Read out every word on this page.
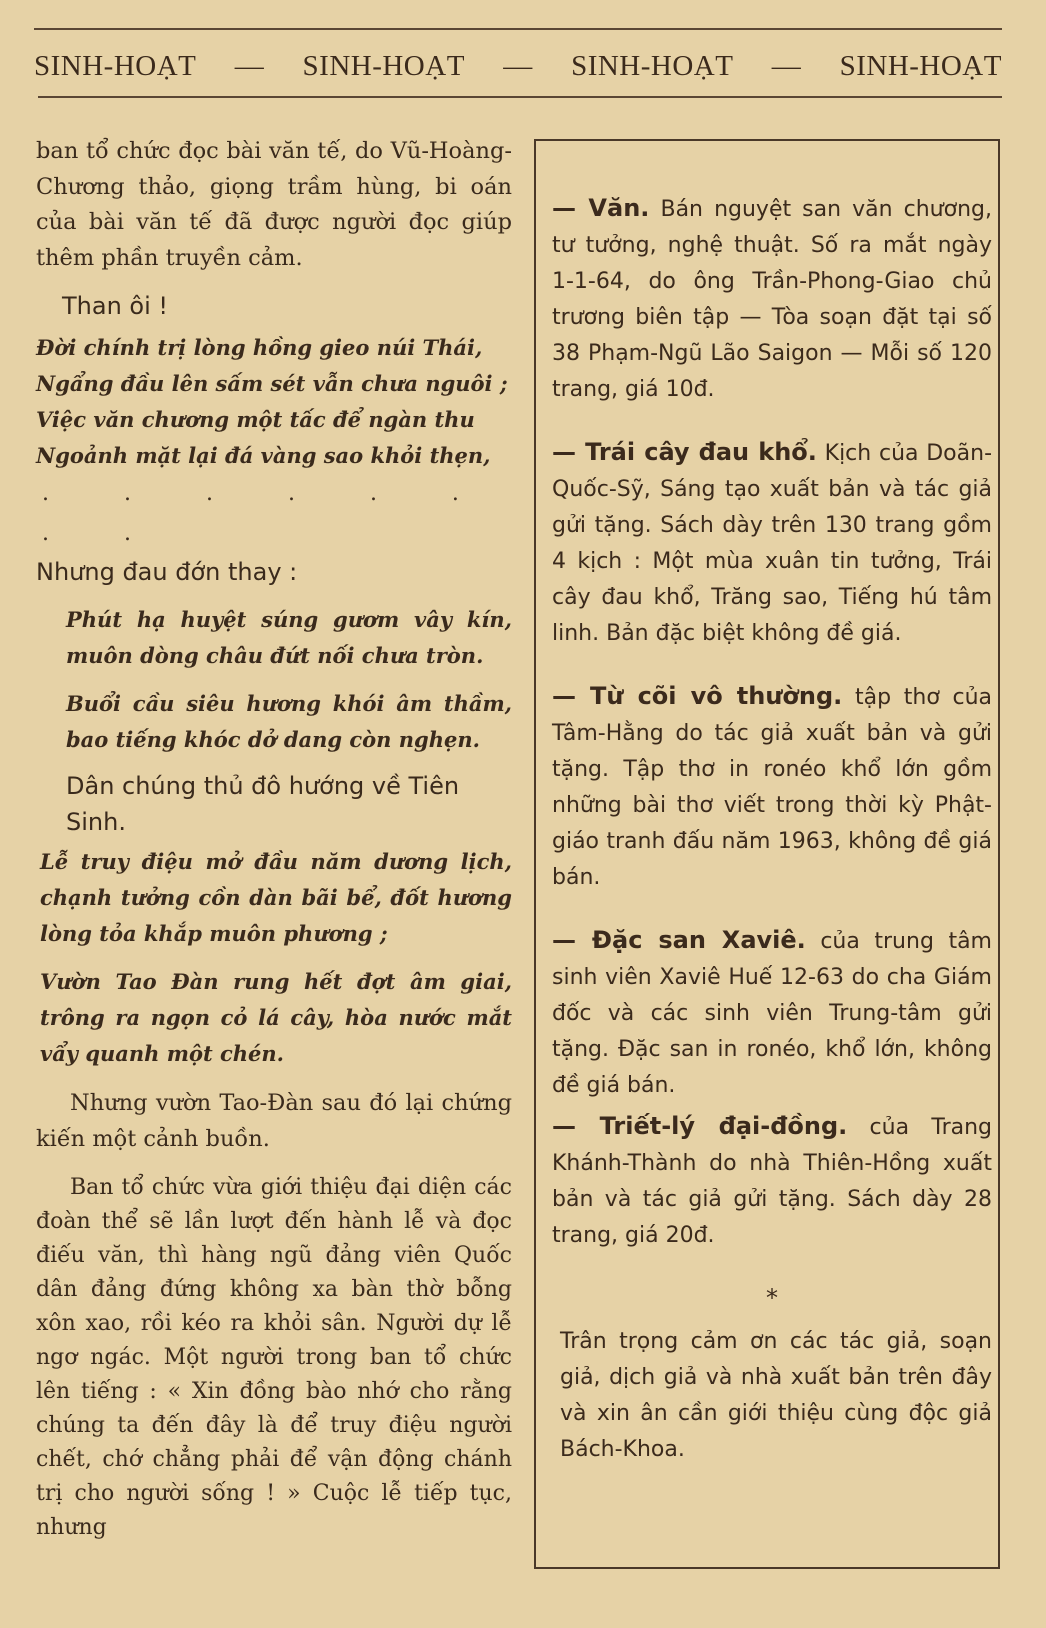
SINH-HOẠT — SINH-HOẠT — SINH-HOẠT — SINH-HOẠT

ban tổ chức đọc bài văn tế, do Vũ-Hoàng-Chương thảo, giọng trầm hùng, bi oán của bài văn tế đã được người đọc giúp thêm phần truyền cảm.

Than ôi !

Đời chính trị lòng hồng gieo núi Thái,

Ngẩng đầu lên sấm sét vẫn chưa nguôi ;

Việc văn chương một tấc để ngàn thu

Ngoảnh mặt lại đá vàng sao khỏi thẹn,

. . . . . . . .

Nhưng đau đớn thay :

Phút hạ huyệt súng gươm vây kín, muôn dòng châu đứt nối chưa tròn.

Buổi cầu siêu hương khói âm thầm, bao tiếng khóc dở dang còn nghẹn.

Dân chúng thủ đô hướng về Tiên Sinh.

Lễ truy điệu mở đầu năm dương lịch, chạnh tưởng cồn dàn bãi bể, đốt hương lòng tỏa khắp muôn phương ;

Vườn Tao Đàn rung hết đợt âm giai, trông ra ngọn cỏ lá cây, hòa nước mắt vẩy quanh một chén.

Nhưng vườn Tao-Đàn sau đó lại chứng kiến một cảnh buồn.

Ban tổ chức vừa giới thiệu đại diện các đoàn thể sẽ lần lượt đến hành lễ và đọc điếu văn, thì hàng ngũ đảng viên Quốc dân đảng đứng không xa bàn thờ bỗng xôn xao, rồi kéo ra khỏi sân. Người dự lễ ngơ ngác. Một người trong ban tổ chức lên tiếng : « Xin đồng bào nhớ cho rằng chúng ta đến đây là để truy điệu người chết, chớ chẳng phải để vận động chánh trị cho người sống ! » Cuộc lễ tiếp tục, nhưng

— Văn. Bán nguyệt san văn chương, tư tưởng, nghệ thuật. Số ra mắt ngày 1-1-64, do ông Trần-Phong-Giao chủ trương biên tập — Tòa soạn đặt tại số 38 Phạm-Ngũ Lão Saigon — Mỗi số 120 trang, giá 10đ.

— Trái cây đau khổ. Kịch của Doãn-Quốc-Sỹ, Sáng tạo xuất bản và tác giả gửi tặng. Sách dày trên 130 trang gồm 4 kịch : Một mùa xuân tin tưởng, Trái cây đau khổ, Trăng sao, Tiếng hú tâm linh. Bản đặc biệt không đề giá.

— Từ cõi vô thường. tập thơ của Tâm-Hằng do tác giả xuất bản và gửi tặng. Tập thơ in ronéo khổ lớn gồm những bài thơ viết trong thời kỳ Phật-giáo tranh đấu năm 1963, không đề giá bán.

— Đặc san Xaviê. của trung tâm sinh viên Xaviê Huế 12-63 do cha Giám đốc và các sinh viên Trung-tâm gửi tặng. Đặc san in ronéo, khổ lớn, không đề giá bán.

— Triết-lý đại-đồng. của Trang Khánh-Thành do nhà Thiên-Hồng xuất bản và tác giả gửi tặng. Sách dày 28 trang, giá 20đ.

*

Trân trọng cảm ơn các tác giả, soạn giả, dịch giả và nhà xuất bản trên đây và xin ân cần giới thiệu cùng độc giả Bách-Khoa.
